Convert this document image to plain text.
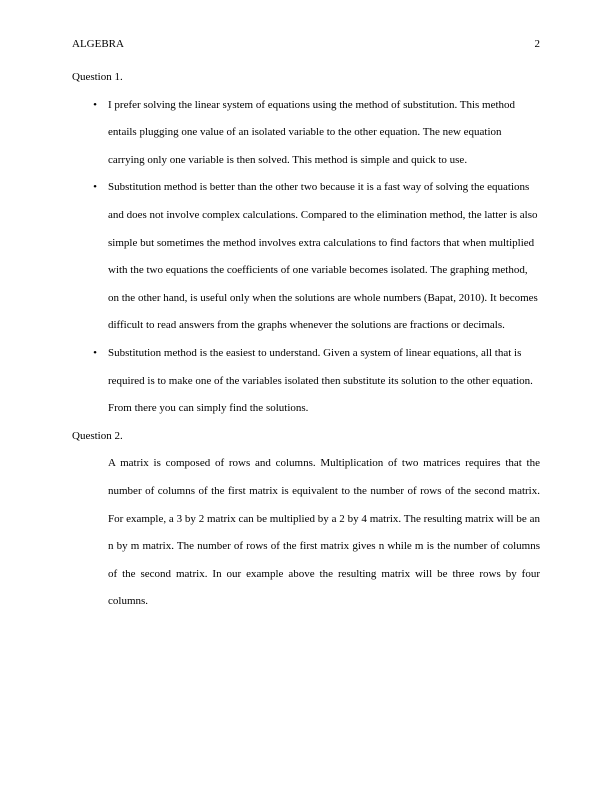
ALGEBRA	2

Question 1.

• I prefer solving the linear system of equations using the method of substitution. This method entails plugging one value of an isolated variable to the other equation. The new equation carrying only one variable is then solved. This method is simple and quick to use.
• Substitution method is better than the other two because it is a fast way of solving the equations and does not involve complex calculations. Compared to the elimination method, the latter is also simple but sometimes the method involves extra calculations to find factors that when multiplied with the two equations the coefficients of one variable becomes isolated. The graphing method, on the other hand, is useful only when the solutions are whole numbers (Bapat, 2010). It becomes difficult to read answers from the graphs whenever the solutions are fractions or decimals.
• Substitution method is the easiest to understand. Given a system of linear equations, all that is required is to make one of the variables isolated then substitute its solution to the other equation. From there you can simply find the solutions.

Question 2.

A matrix is composed of rows and columns. Multiplication of two matrices requires that the number of columns of the first matrix is equivalent to the number of rows of the second matrix. For example, a 3 by 2 matrix can be multiplied by a 2 by 4 matrix. The resulting matrix will be an n by m matrix. The number of rows of the first matrix gives n while m is the number of columns of the second matrix. In our example above the resulting matrix will be three rows by four columns.
